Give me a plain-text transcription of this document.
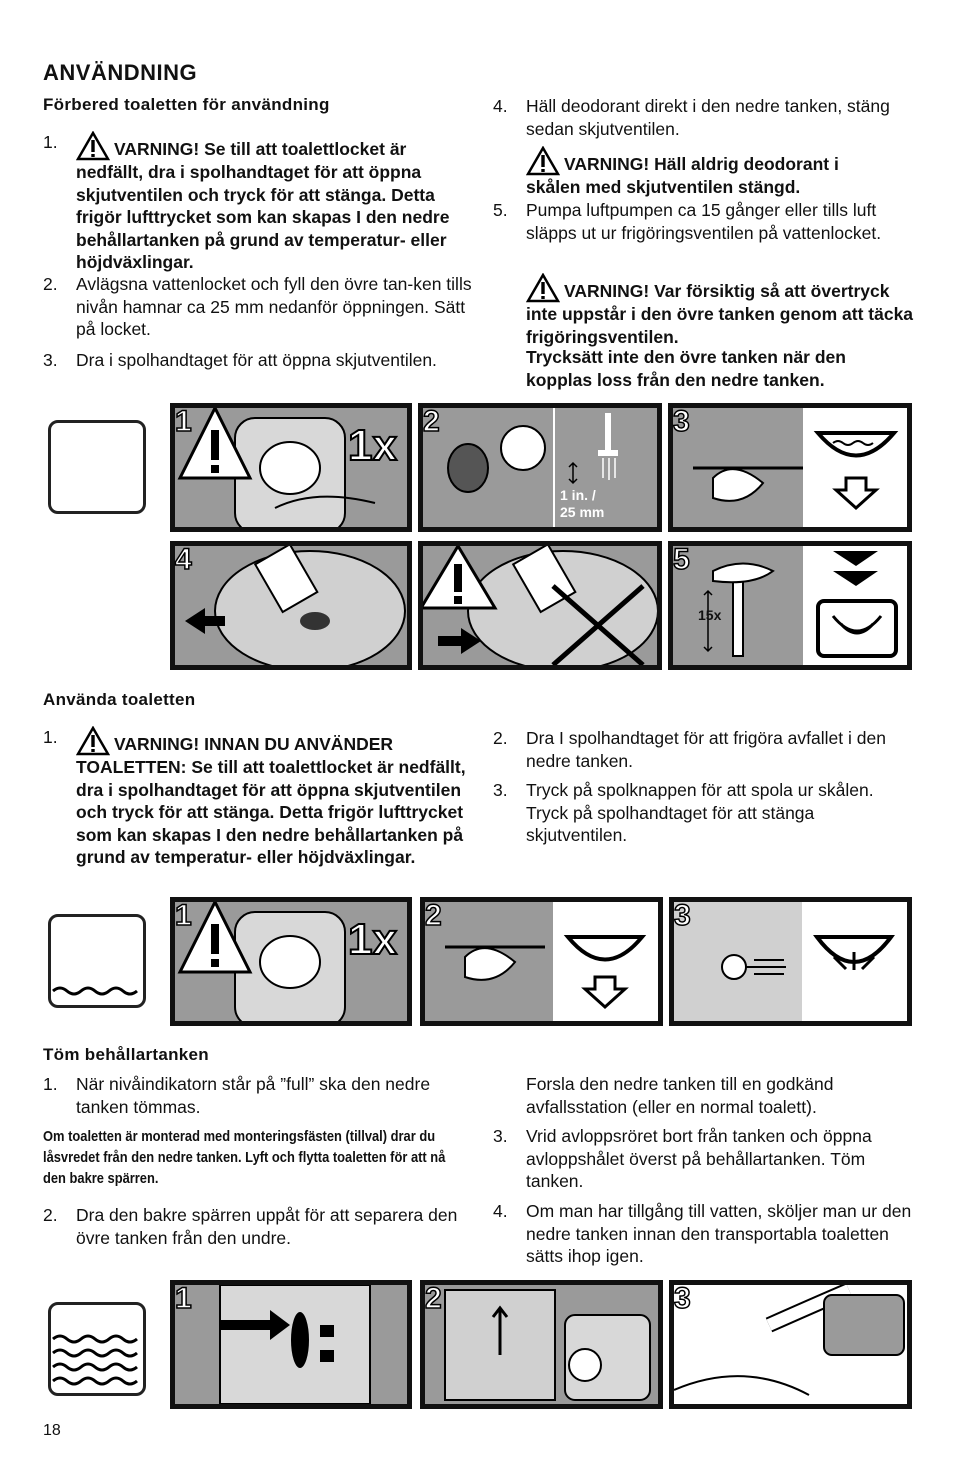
ANVÄNDNING
Förbered toaletten för användning
1.	VARNING! Se till att toalettlocket är nedfällt, dra i spolhandtaget för att öppna skjutventilen och tryck för att stänga. Detta frigör lufttrycket som kan skapas I den nedre behållartanken på grund av temperatur- eller höjdväxlingar.
2. Avlägsna vattenlocket och fyll den övre tan-ken tills nivån hamnar ca 25 mm nedanför öppningen. Sätt på locket.
3. Dra i spolhandtaget för att öppna skjutventilen.
4. Häll deodorant direkt i den nedre tanken, stäng sedan skjutventilen.
VARNING! Häll aldrig deodorant i skålen med skjutventilen stängd.
5. Pumpa luftpumpen ca 15 gånger eller tills luft släpps ut ur frigöringsventilen på vattenlocket.
VARNING! Var försiktig så att övertryck inte uppstår i den övre tanken genom att täcka frigöringsventilen.
Trycksätt inte den övre tanken när den kopplas loss från den nedre tanken.
1	1x 2
1 in. /
25 mm
3
4	5
15x
Använda toaletten
1.	VARNING! INNAN DU ANVÄNDER TOALETTEN: Se till att toalettlocket är nedfällt, dra i spolhandtaget för att öppna skjutventilen och tryck för att stänga. Detta frigör lufttrycket som kan skapas I den nedre behållartanken på grund av temperatur- eller höjdväxlingar.
2. Dra I spolhandtaget för att frigöra avfallet i den nedre tanken.
3. Tryck på spolknappen för att spola ur skålen. Tryck på spolhandtaget för att stänga skjutventilen.
1	1x 2	3
Töm behållartanken
1. När nivåindikatorn står på ”full” ska den nedre tanken tömmas.
Om toaletten är monterad med monteringsfästen (tillval) drar du låsvredet från den nedre tanken. Lyft och flytta toaletten för att nå den bakre spärren.
2. Dra den bakre spärren uppåt för att separera den övre tanken från den undre.
Forsla den nedre tanken till en godkänd avfallsstation (eller en normal toalett).
3. Vrid avloppsröret bort från tanken och öppna avloppshålet överst på behållartanken. Töm tanken.
4. Om man har tillgång till vatten, sköljer man ur den nedre tanken innan den transportabla toaletten sätts ihop igen.
1	2	3
18
